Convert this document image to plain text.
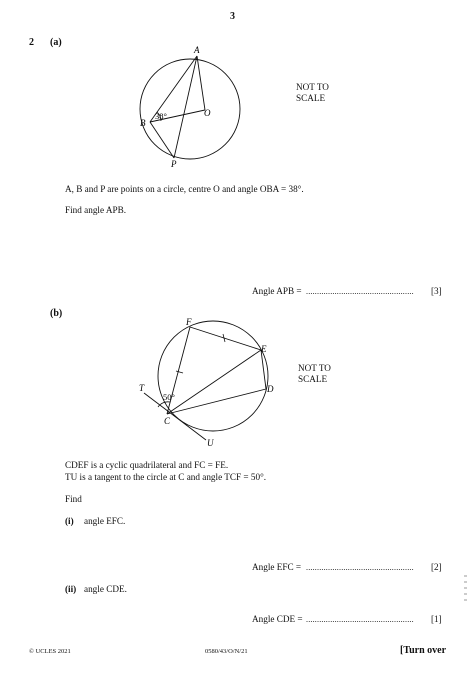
3
2 (a)
38°
A
B
O
P
NOT TO
SCALE
A, B and P are points on a circle, centre O and angle OBA = 38°.
Find angle APB.
Angle APB = ................................................. [3]
(b)
50°
F
E
D
C
T
U
NOT TO
SCALE
CDEF is a cyclic quadrilateral and FC = FE.
TU is a tangent to the circle at C and angle TCF = 50°.
Find
(i) angle EFC.
Angle EFC = ................................................. [2]
(ii) angle CDE.
Angle CDE = ................................................. [1]
© UCLES 2021	0580/43/O/N/21	[Turn over
